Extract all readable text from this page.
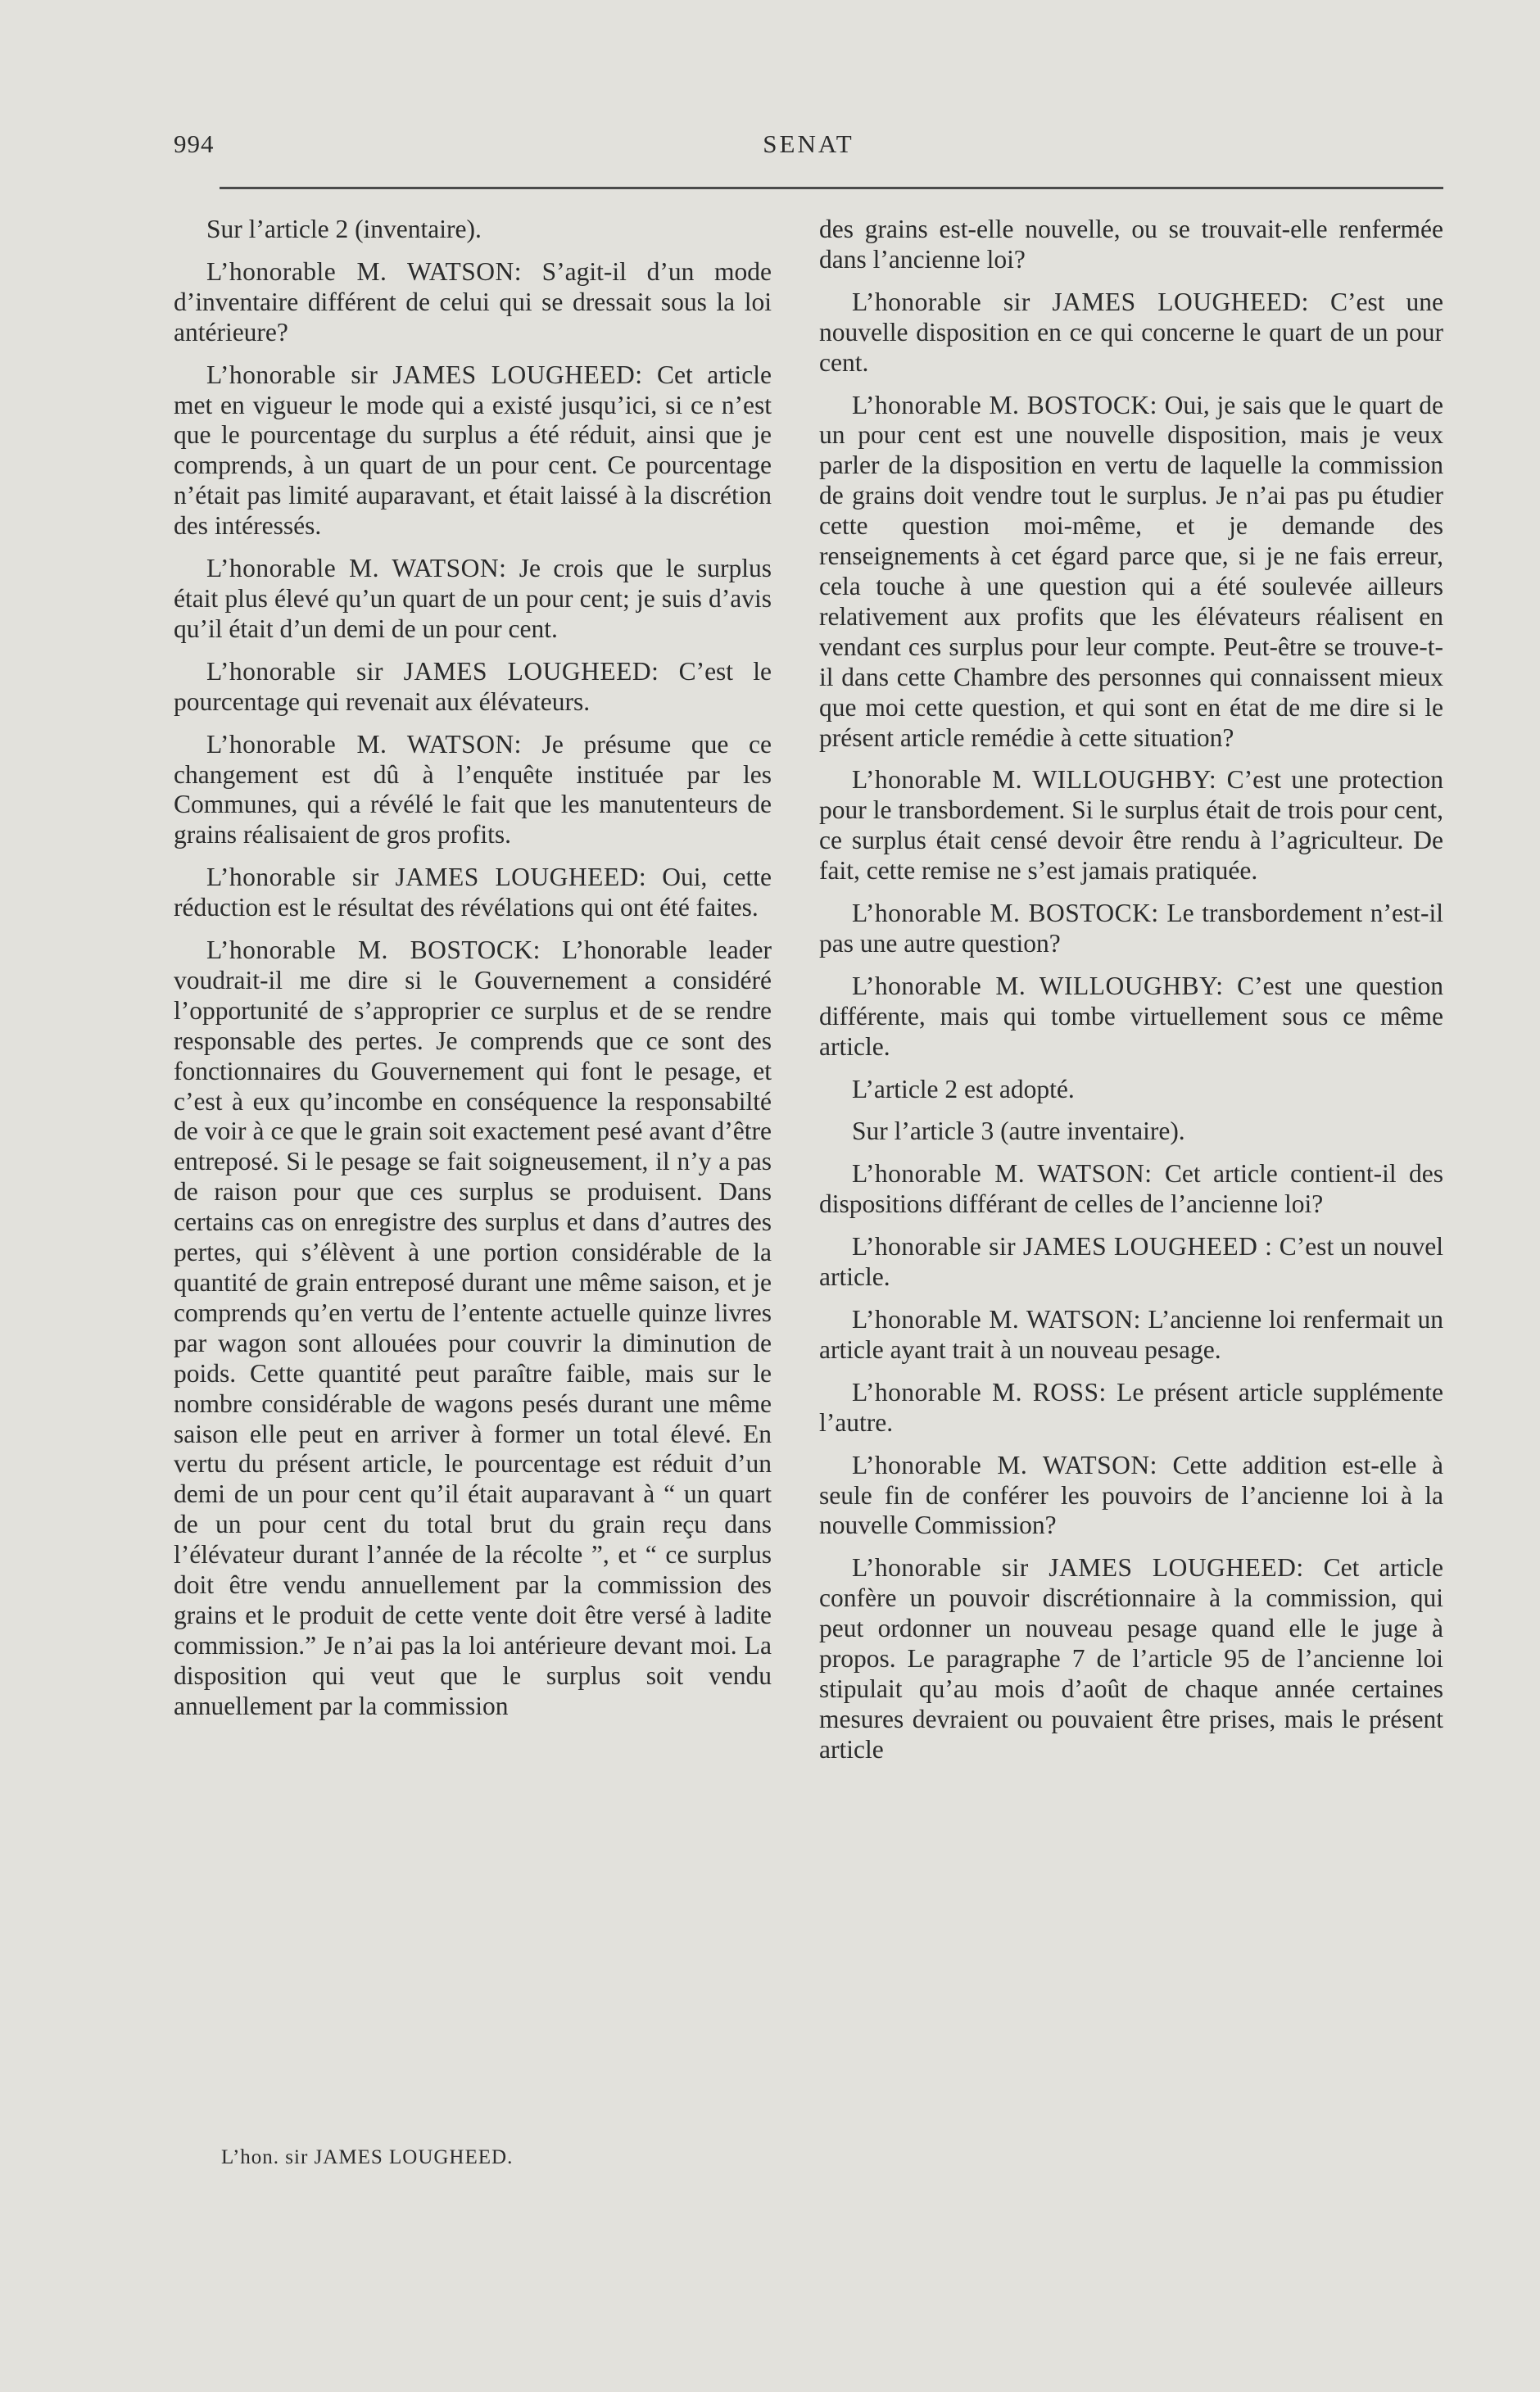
994	SENAT

Sur l’article 2 (inventaire).

L’honorable M. WATSON: S’agit-il d’un mode d’inventaire différent de celui qui se dressait sous la loi antérieure?

L’honorable sir JAMES LOUGHEED: Cet article met en vigueur le mode qui a existé jusqu’ici, si ce n’est que le pourcentage du surplus a été réduit, ainsi que je comprends, à un quart de un pour cent. Ce pourcentage n’était pas limité auparavant, et était laissé à la discrétion des intéressés.

L’honorable M. WATSON: Je crois que le surplus était plus élevé qu’un quart de un pour cent; je suis d’avis qu’il était d’un demi de un pour cent.

L’honorable sir JAMES LOUGHEED: C’est le pourcentage qui revenait aux élévateurs.

L’honorable M. WATSON: Je présume que ce changement est dû à l’enquête instituée par les Communes, qui a révélé le fait que les manutenteurs de grains réalisaient de gros profits.

L’honorable sir JAMES LOUGHEED: Oui, cette réduction est le résultat des révélations qui ont été faites.

L’honorable M. BOSTOCK: L’honorable leader voudrait-il me dire si le Gouvernement a considéré l’opportunité de s’approprier ce surplus et de se rendre responsable des pertes. Je comprends que ce sont des fonctionnaires du Gouvernement qui font le pesage, et c’est à eux qu’incombe en conséquence la responsabilté de voir à ce que le grain soit exactement pesé avant d’être entreposé. Si le pesage se fait soigneusement, il n’y a pas de raison pour que ces surplus se produisent. Dans certains cas on enregistre des surplus et dans d’autres des pertes, qui s’élèvent à une portion considérable de la quantité de grain entreposé durant une même saison, et je comprends qu’en vertu de l’entente actuelle quinze livres par wagon sont allouées pour couvrir la diminution de poids. Cette quantité peut paraître faible, mais sur le nombre considérable de wagons pesés durant une même saison elle peut en arriver à former un total élevé. En vertu du présent article, le pourcentage est réduit d’un demi de un pour cent qu’il était auparavant à “ un quart de un pour cent du total brut du grain reçu dans l’élévateur durant l’année de la récolte ”, et “ ce surplus doit être vendu annuellement par la commission des grains et le produit de cette vente doit être versé à ladite commission.” Je n’ai pas la loi antérieure devant moi. La disposition qui veut que le surplus soit vendu annuellement par la commission

des grains est-elle nouvelle, ou se trouvait-elle renfermée dans l’ancienne loi?

L’honorable sir JAMES LOUGHEED: C’est une nouvelle disposition en ce qui concerne le quart de un pour cent.

L’honorable M. BOSTOCK: Oui, je sais que le quart de un pour cent est une nouvelle disposition, mais je veux parler de la disposition en vertu de laquelle la commission de grains doit vendre tout le surplus. Je n’ai pas pu étudier cette question moi-même, et je demande des renseignements à cet égard parce que, si je ne fais erreur, cela touche à une question qui a été soulevée ailleurs relativement aux profits que les élévateurs réalisent en vendant ces surplus pour leur compte. Peut-être se trouve-t-il dans cette Chambre des personnes qui connaissent mieux que moi cette question, et qui sont en état de me dire si le présent article remédie à cette situation?

L’honorable M. WILLOUGHBY: C’est une protection pour le transbordement. Si le surplus était de trois pour cent, ce surplus était censé devoir être rendu à l’agriculteur. De fait, cette remise ne s’est jamais pratiquée.

L’honorable M. BOSTOCK: Le transbordement n’est-il pas une autre question?

L’honorable M. WILLOUGHBY: C’est une question différente, mais qui tombe virtuellement sous ce même article.

L’article 2 est adopté.

Sur l’article 3 (autre inventaire).

L’honorable M. WATSON: Cet article contient-il des dispositions différant de celles de l’ancienne loi?

L’honorable sir JAMES LOUGHEED : C’est un nouvel article.

L’honorable M. WATSON: L’ancienne loi renfermait un article ayant trait à un nouveau pesage.

L’honorable M. ROSS: Le présent article supplémente l’autre.

L’honorable M. WATSON: Cette addition est-elle à seule fin de conférer les pouvoirs de l’ancienne loi à la nouvelle Commission?

L’honorable sir JAMES LOUGHEED: Cet article confère un pouvoir discrétionnaire à la commission, qui peut ordonner un nouveau pesage quand elle le juge à propos. Le paragraphe 7 de l’article 95 de l’ancienne loi stipulait qu’au mois d’août de chaque année certaines mesures devraient ou pouvaient être prises, mais le présent article

L’hon. sir JAMES LOUGHEED.
